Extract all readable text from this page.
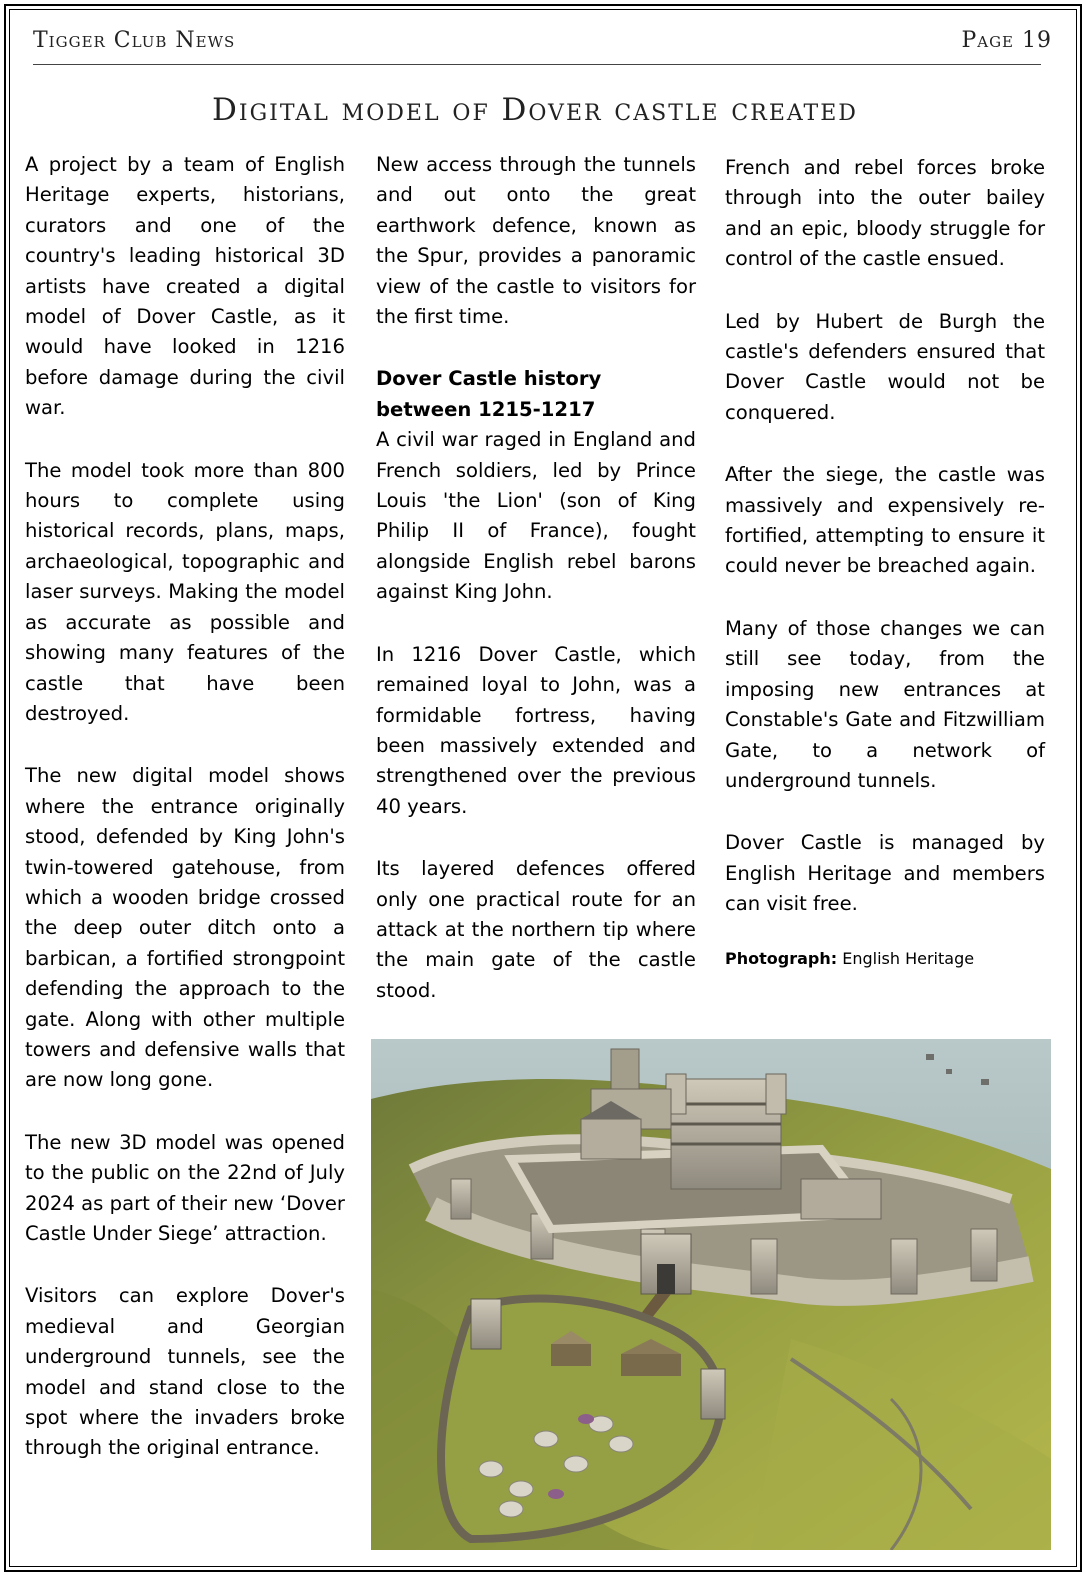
Tigger Club News	Page 19
Digital model of Dover castle created

A project by a team of English Heritage experts, historians, curators and one of the country's leading historical 3D artists have created a digital model of Dover Castle, as it would have looked in 1216 before damage during the civil war.

The model took more than 800 hours to complete using historical records, plans, maps, archaeological, topographic and laser surveys. Making the model as accurate as possible and showing many features of the castle that have been destroyed.

The new digital model shows where the entrance originally stood, defended by King John's twin-towered gatehouse, from which a wooden bridge crossed the deep outer ditch onto a barbican, a fortified strongpoint defending the approach to the gate. Along with other multiple towers and defensive walls that are now long gone.

The new 3D model was opened to the public on the 22nd of July 2024 as part of their new ‘Dover Castle Under Siege’ attraction.

Visitors can explore Dover's medieval and Georgian underground tunnels, see the model and stand close to the spot where the invaders broke through the original entrance.

New access through the tunnels and out onto the great earthwork defence, known as the Spur, provides a panoramic view of the castle to visitors for the first time.

Dover Castle history between 1215-1217

A civil war raged in England and French soldiers, led by Prince Louis 'the Lion' (son of King Philip II of France), fought alongside English rebel barons against King John.

In 1216 Dover Castle, which remained loyal to John, was a formidable fortress, having been massively extended and strengthened over the previous 40 years.

Its layered defences offered only one practical route for an attack at the northern tip where the main gate of the castle stood.

French and rebel forces broke through into the outer bailey and an epic, bloody struggle for control of the castle ensued.

Led by Hubert de Burgh the castle's defenders ensured that Dover Castle would not be conquered.

After the siege, the castle was massively and expensively re-fortified, attempting to ensure it could never be breached again.

Many of those changes we can still see today, from the imposing new entrances at Constable's Gate and Fitzwilliam Gate, to a network of underground tunnels.

Dover Castle is managed by English Heritage and members can visit free.

Photograph: English Heritage
